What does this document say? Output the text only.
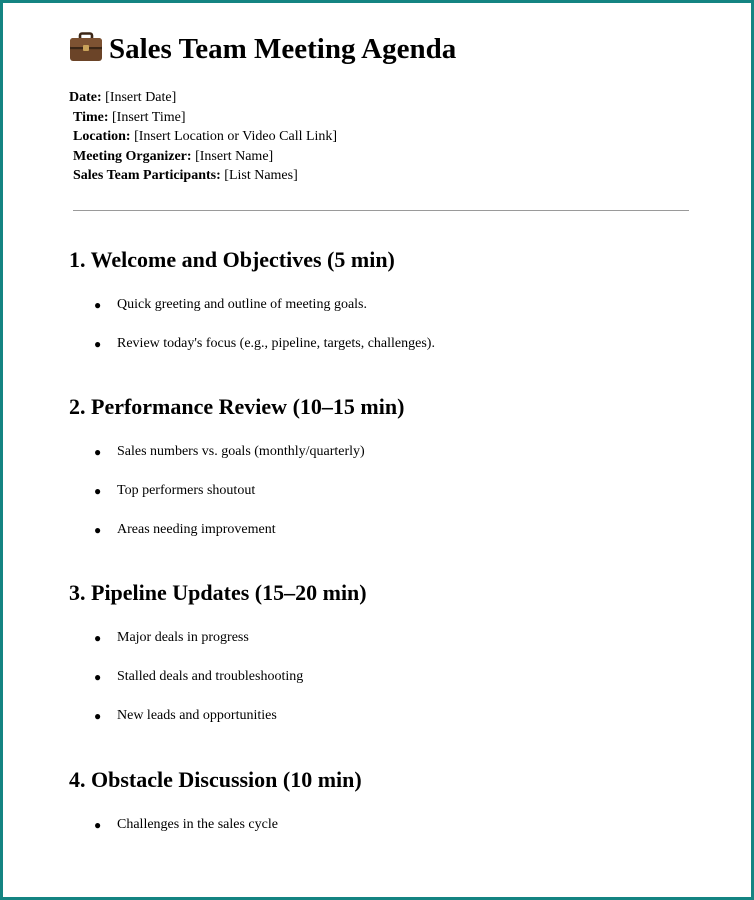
Sales Team Meeting Agenda
Date: [Insert Date]
Time: [Insert Time]
Location: [Insert Location or Video Call Link]
Meeting Organizer: [Insert Name]
Sales Team Participants: [List Names]
1. Welcome and Objectives (5 min)
● Quick greeting and outline of meeting goals.
● Review today's focus (e.g., pipeline, targets, challenges).
2. Performance Review (10–15 min)
● Sales numbers vs. goals (monthly/quarterly)
● Top performers shoutout
● Areas needing improvement
3. Pipeline Updates (15–20 min)
● Major deals in progress
● Stalled deals and troubleshooting
● New leads and opportunities
4. Obstacle Discussion (10 min)
● Challenges in the sales cycle
